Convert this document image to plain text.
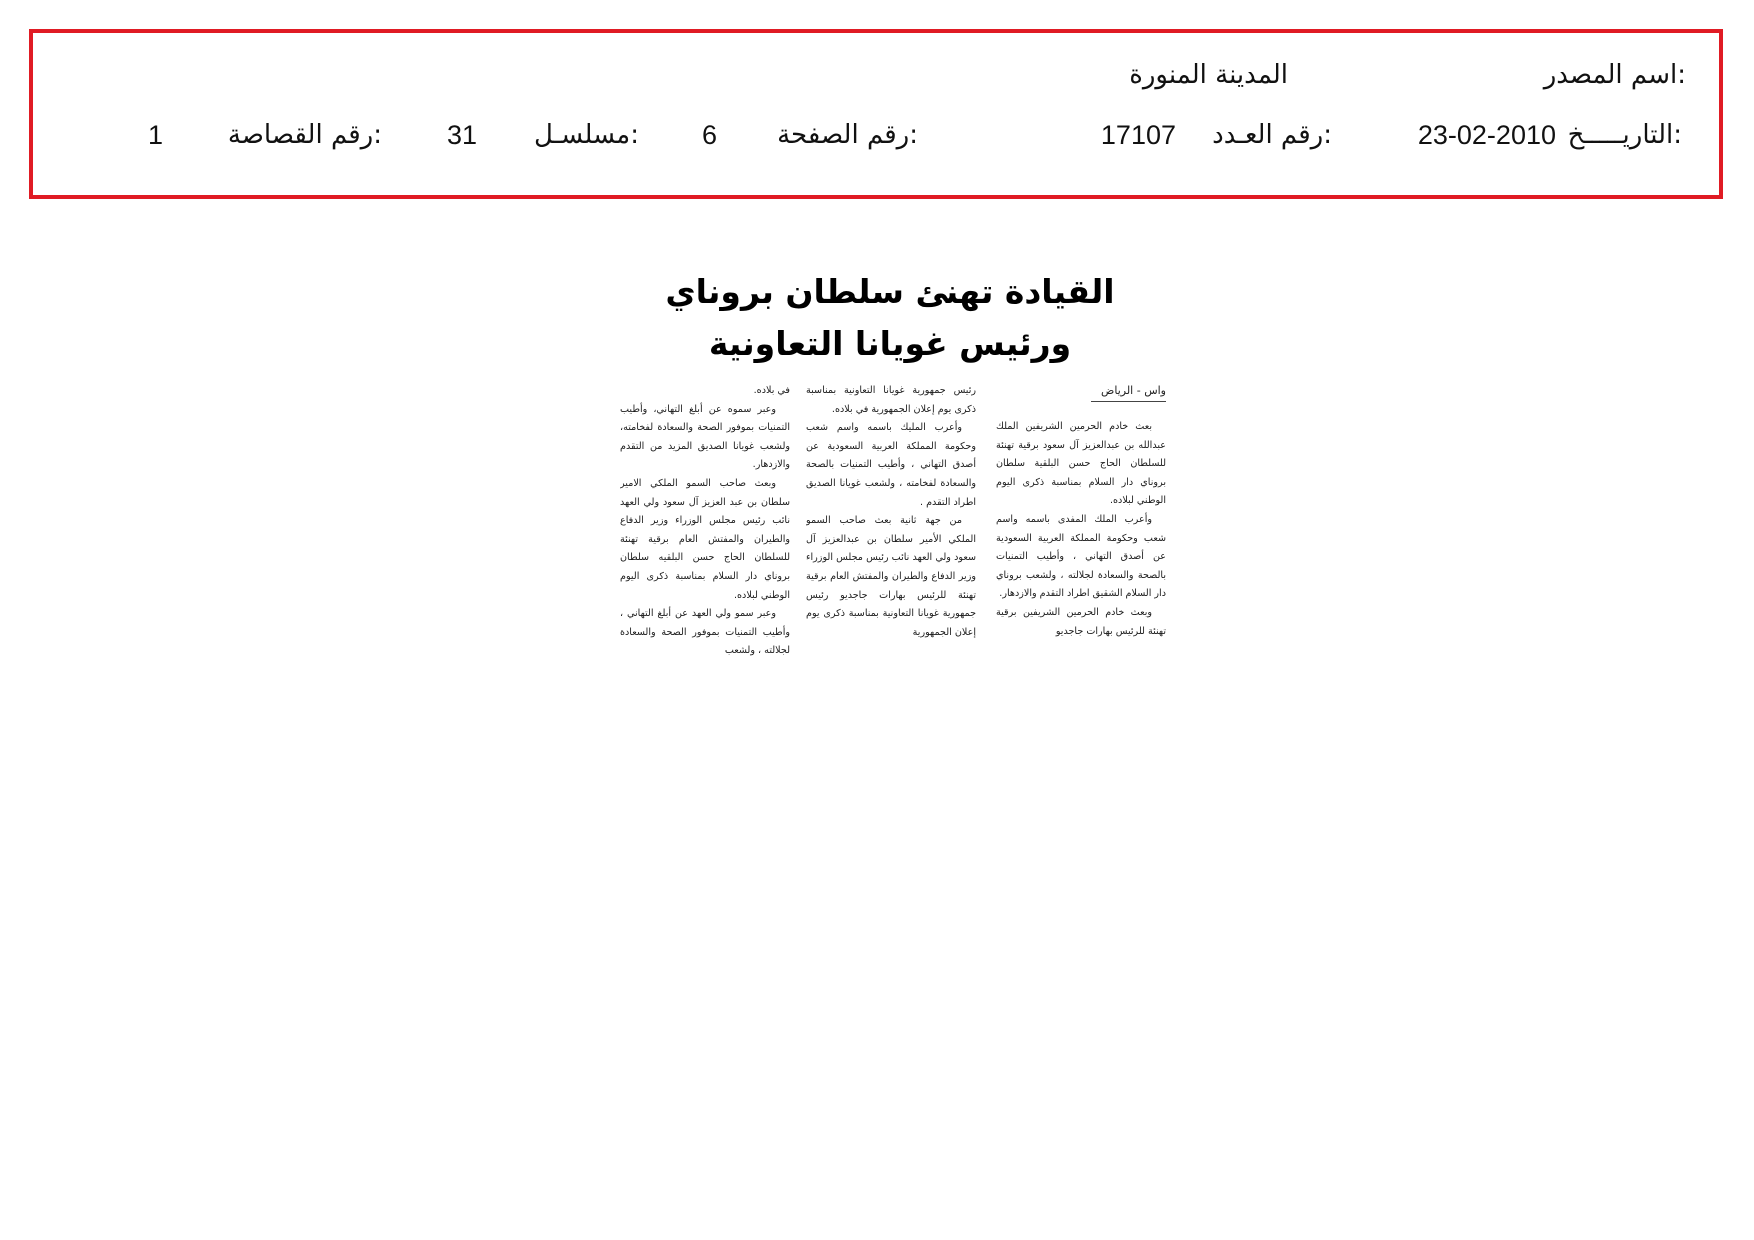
اسم المصدر:
المدينة المنورة
التاريـــــخ:
23-02-2010
رقم العـدد:
17107
رقم الصفحة:
6
مسلسـل:
31
رقم القصاصة:
1
القيادة تهنئ سلطان بروناي
ورئيس غويانا التعاونية
واس - الرياض

بعث خادم الحرمين الشريفين الملك عبدالله بن عبدالعزيز آل سعود برقية تهنئة للسلطان الحاج حسن البلقية سلطان بروناي دار السلام بمناسبة ذكرى اليوم الوطني لبلاده.

وأعرب الملك المفدى باسمه واسم شعب وحكومة المملكة العربية السعودية عن أصدق التهاني ، وأطيب التمنيات بالصحة والسعادة لجلالته ، ولشعب بروناي دار السلام الشقيق اطراد التقدم والازدهار.

وبعث خادم الحرمين الشريفين برقية تهنئة للرئيس بهارات جاجديو

رئيس جمهورية غويانا التعاونية بمناسبة ذكرى يوم إعلان الجمهورية في بلاده.

وأعرب المليك باسمه واسم شعب وحكومة المملكة العربية السعودية عن أصدق التهاني ، وأطيب التمنيات بالصحة والسعادة لفخامته ، ولشعب غويانا الصديق اطراد التقدم .

من جهة ثانية بعث صاحب السمو الملكي الأمير سلطان بن عبدالعزيز آل سعود ولي العهد نائب رئيس مجلس الوزراء وزير الدفاع والطيران والمفتش العام برقية تهنئة للرئيس بهارات جاجديو رئيس جمهورية غويانا التعاونية بمناسبة ذكرى يوم إعلان الجمهورية

في بلاده.

وعبر سموه عن أبلغ التهاني، وأطيب التمنيات بموفور الصحة والسعادة لفخامته، ولشعب غويانا الصديق المزيد من التقدم والازدهار.

وبعث صاحب السمو الملكي الامير سلطان بن عبد العزيز آل سعود ولي العهد نائب رئيس مجلس الوزراء وزير الدفاع والطيران والمفتش العام برقية تهنئة للسلطان الحاج حسن البلقيه سلطان بروناي دار السلام بمناسبة ذكرى اليوم الوطني لبلاده.

وعبر سمو ولي العهد عن أبلغ التهاني ، وأطيب التمنيات بموفور الصحة والسعادة لجلالته ، ولشعب
